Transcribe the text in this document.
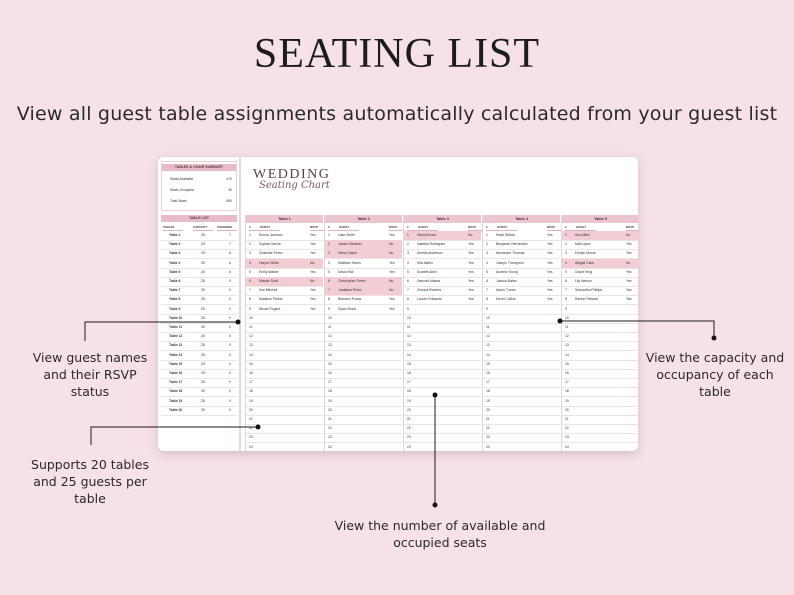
SEATING LIST
View all guest table assignments automatically calculated from your guest list
TABLES & CHAIR SUMMARY
Seats Available	470
Seats Occupied	30
Total Seats	500
WEDDING
Seating Chart
TABLE LIST
TABLES	CAPACITY	ASSIGNED
Table 1	25	7
Table 2	25	7
Table 3	25	6
Table 4	25	6
Table 5	25	6
Table 6	25	0
Table 7	25	0
Table 8	25	0
Table 9	25	0
Table 10	25	0
Table 11	25	0
Table 12	25	0
Table 13	25	0
Table 14	25	0
Table 15	25	0
Table 16	25	0
Table 17	25	0
Table 18	25	0
Table 19	25	0
Table 20	25	0
Table 1
#	GUEST	RSVP
1 Emma Johnson	Yes
2 Sophia Garcia	Yes
3 Charlotte Perez	Yes
4 Harper White	No
5 Emily Walker	Yes
6 Natalie Scott	No
7 Zoe Mitchell	Yes
8 Madison Parker	Yes
9 Nicole Rogers	Yes
10
11
12
13
14
15
16
17
18
19
20
21
22
23
24
Table 2
#	GUEST	RSVP
1 Liam Smith	Yes
2 James Martinez	No
3 Henry Taylor	No
4 Matthew Harris	Yes
5 David Hall	Yes
6 Christopher Green	No
7 Jonathan Perez	No
8 Brandon Evans	Yes
9 Dylan Reed	Yes
10
11
12
13
14
15
16
17
18
19
20
21
22
23
24
Table 3
#	GUEST	RSVP
1 Olivia Brown	No
2 Isabella Rodriguez	Yes
3 Amelia Anderson	Yes
4 Ella Martin	Yes
5 Scarlett Allen	Yes
6 Hannah Adams	Yes
7 Victoria Roberts	Yes
8 Lauren Edwards	Yes
9
10
11
12
13
14
15
16
17
18
19
20
21
22
23
24
Table 4
#	GUEST	RSVP
1 Noah Wilson	Yes
2 Benjamin Hernandez	Yes
3 Alexander Thomas	Yes
4 Joseph Thompson	Yes
5 Andrew Young	Yes
6 Joshua Baker	Yes
7 Aaron Turner	Yes
8 Kevin Collins	Yes
9
10
11
12
13
14
15
16
17
18
19
20
21
22
23
24
Table 5
#	GUEST	RSVP
1 Ava Miller	No
2 Mia Lopez	Yes
3 Evelyn Moore	Yes
4 Abigail Clark	No
5 Grace King	Yes
6 Lily Nelson	Yes
7 Samantha Phillips	Yes
8 Rachel Stewart	Yes
9
10
11
12
13
14
15
16
17
18
19
20
21
22
23
24
View guest names and their RSVP status
Supports 20 tables and 25 guests per table
View the number of available and occupied seats
View the capacity and occupancy of each table
